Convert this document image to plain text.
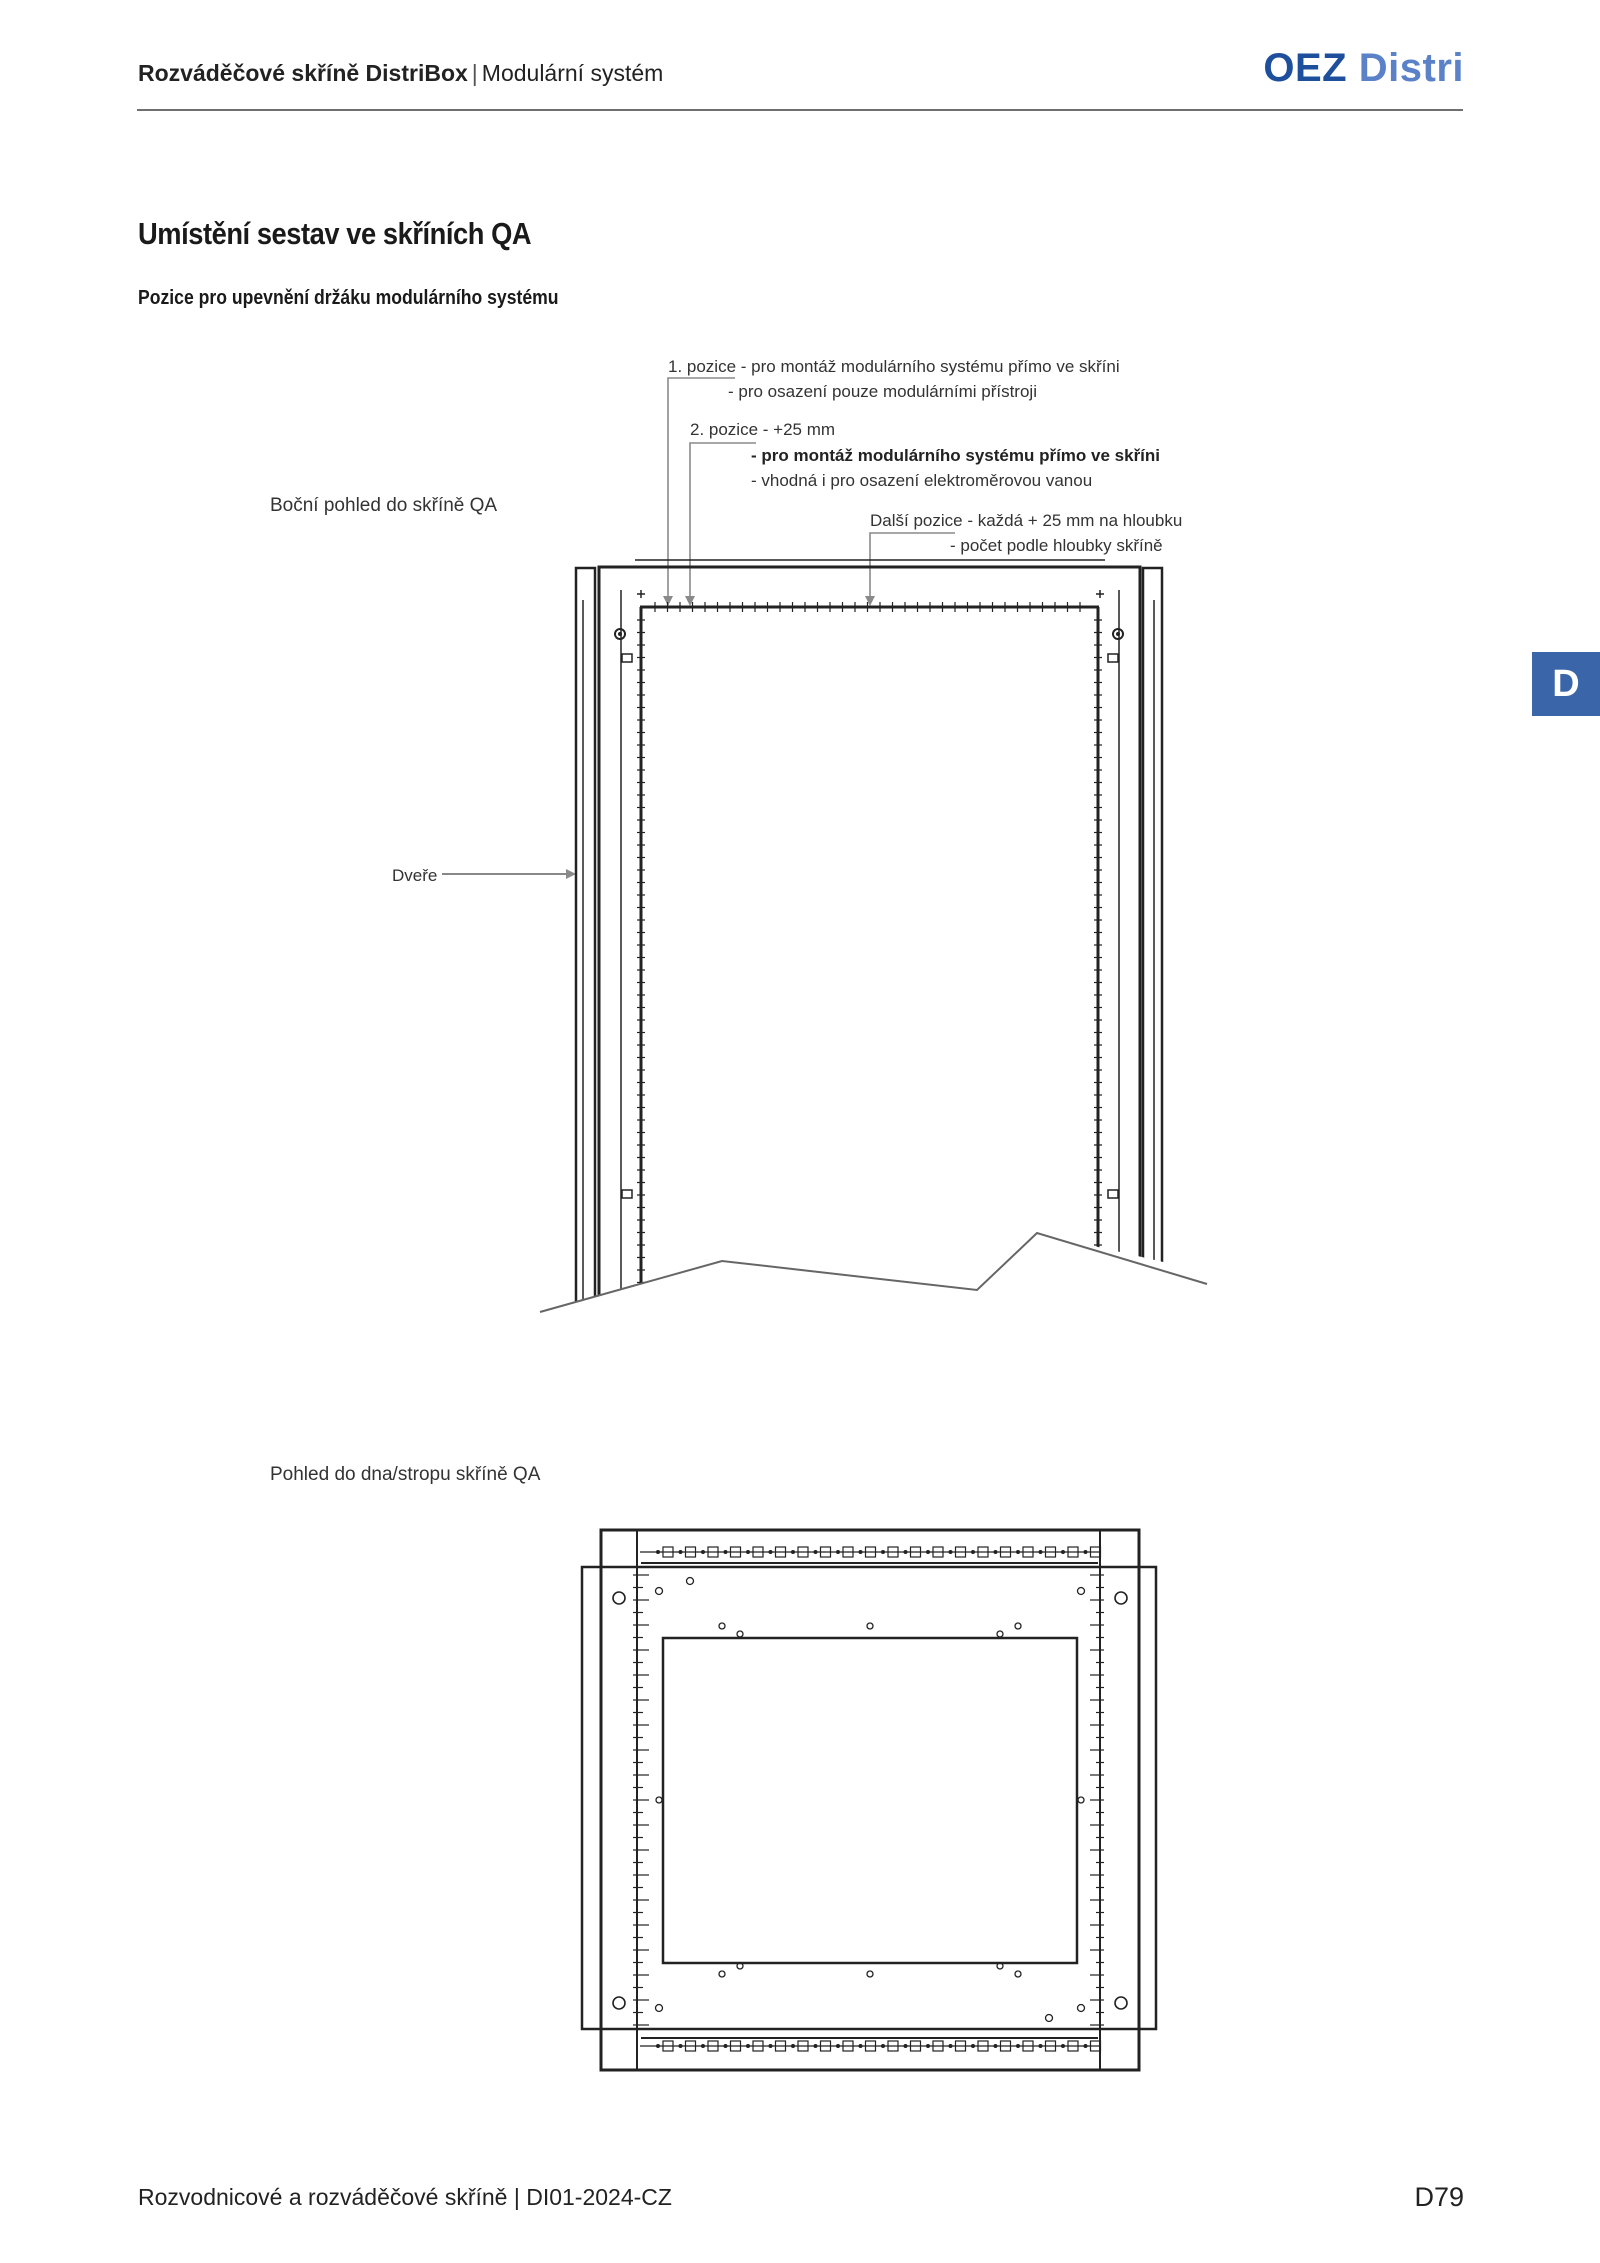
Rozváděčové skříně DistriBox | Modulární systém	OEZ Distri
Umístění sestav ve skříních QA
Pozice pro upevnění držáku modulárního systému
D
Boční pohled do skříně QA
1. pozice - pro montáž modulárního systému přímo ve skříni
- pro osazení pouze modulárními přístroji
2. pozice - +25 mm
- pro montáž modulárního systému přímo ve skříni
- vhodná i pro osazení elektroměrovou vanou
Další pozice - každá + 25 mm na hloubku
- počet podle hloubky skříně
Dveře
Pohled do dna/stropu skříně QA
Rozvodnicové a rozváděčové skříně | DI01-2024-CZ	D79
